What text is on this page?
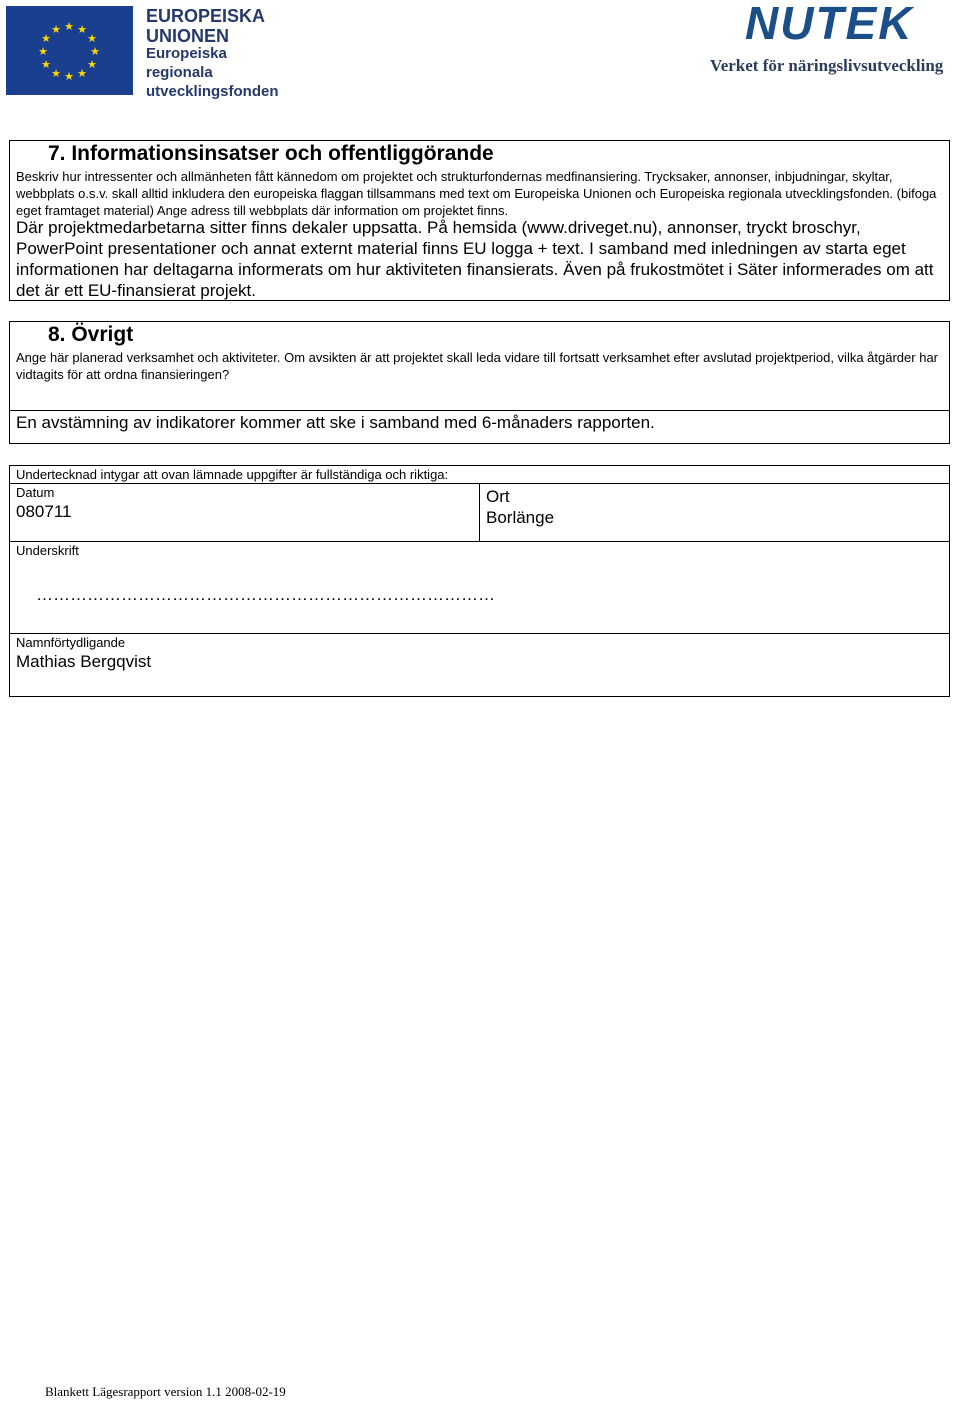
★ ★
★
★
★
★
★
★
★
★
★
★
EUROPEISKA
UNIONEN
Europeiska
regionala
utvecklingsfonden
NUTEK
Verket för näringslivsutveckling
7. Informationsinsatser och offentliggörande
Beskriv hur intressenter och allmänheten fått kännedom om projektet och strukturfondernas medfinansiering. Trycksaker, annonser, inbjudningar, skyltar, webbplats o.s.v. skall alltid inkludera den europeiska flaggan tillsammans med text om Europeiska Unionen och Europeiska regionala utvecklingsfonden. (bifoga eget framtaget material) Ange adress till webbplats där information om projektet finns.
Där projektmedarbetarna sitter finns dekaler uppsatta. På hemsida (www.driveget.nu), annonser, tryckt broschyr, PowerPoint presentationer och annat externt material finns EU logga + text. I samband med inledningen av starta eget informationen har deltagarna informerats om hur aktiviteten finansierats. Även på frukostmötet i Säter informerades om att det är ett EU-finansierat projekt.
8. Övrigt
Ange här planerad verksamhet och aktiviteter. Om avsikten är att projektet skall leda vidare till fortsatt verksamhet efter avslutad projektperiod, vilka åtgärder har vidtagits för att ordna finansieringen?
En avstämning av indikatorer kommer att ske i samband med 6-månaders rapporten.
Undertecknad intygar att ovan lämnade uppgifter är fullständiga och riktiga:
Datum
080711
Ort
Borlänge
Underskrift
………………………………………………………………………
Namnförtydligande
Mathias Bergqvist
Blankett Lägesrapport version 1.1 2008-02-19
